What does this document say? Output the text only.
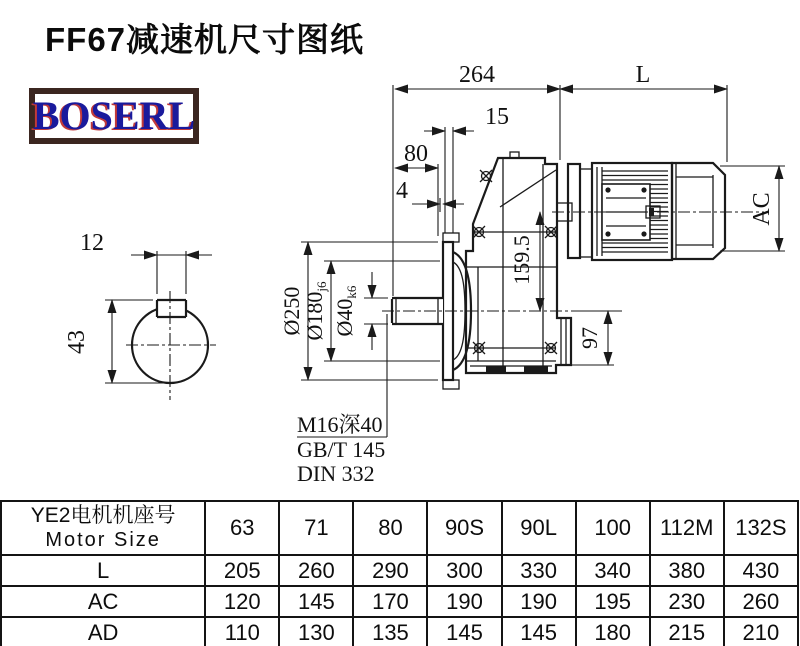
FF67减速机尺寸图纸
BOSERL
12
43
264	L
15
80
4
AC
159.5
97
Ø250
Ø180j6
Ø40k6
M16深40
GB/T 145
DIN 332
YE2电机机座号
Motor Size	63	71	80	90S	90L	100	112M	132S
L	205	260	290	300	330	340	380	430
AC	120	145	170	190	190	195	230	260
AD	110	130	135	145	145	180	215	210
